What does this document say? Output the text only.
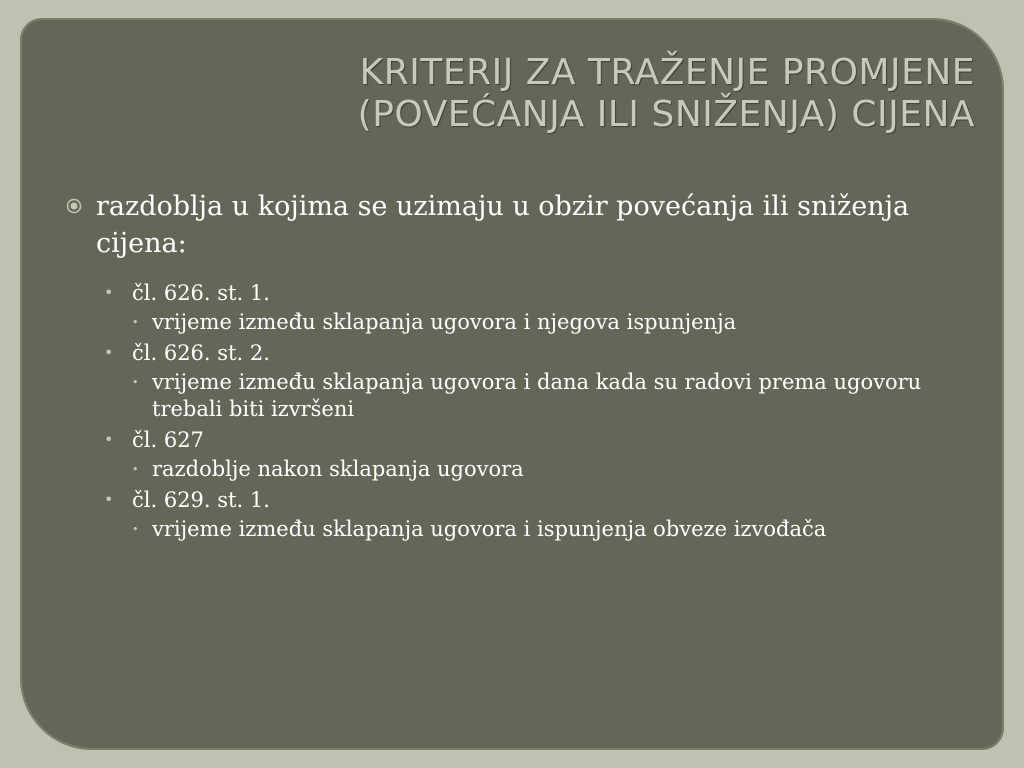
KRITERIJ ZA TRAŽENJE PROMJENE
(POVEĆANJA ILI SNIŽENJA) CIJENA
razdoblja u kojima se uzimaju u obzir povećanja ili sniženja cijena:
• čl. 626. st. 1.
• vrijeme između sklapanja ugovora i njegova ispunjenja
• čl. 626. st. 2.
• vrijeme između sklapanja ugovora i dana kada su radovi prema ugovoru trebali biti izvršeni
• čl. 627
• razdoblje nakon sklapanja ugovora
• čl. 629. st. 1.
• vrijeme između sklapanja ugovora i ispunjenja obveze izvođača
